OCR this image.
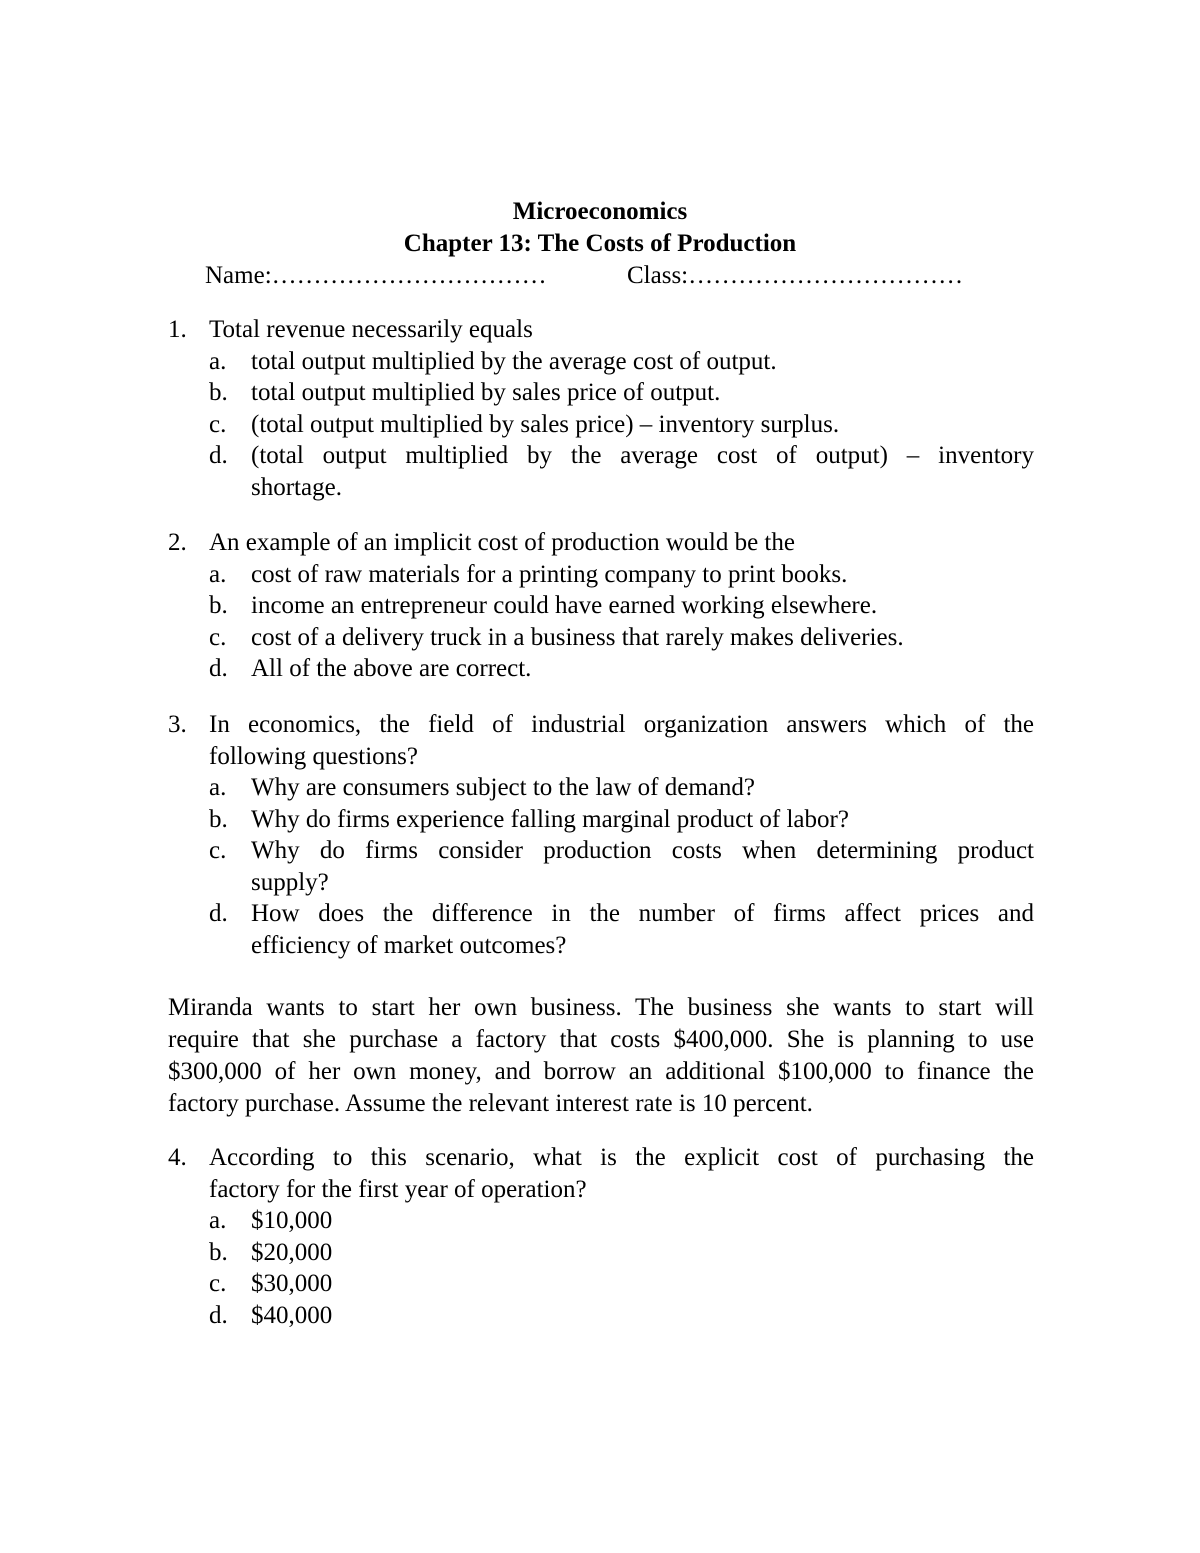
Microeconomics
Chapter 13: The Costs of Production
Name:……………………………	Class:……………………………
1. Total revenue necessarily equals
a. total output multiplied by the average cost of output.
b. total output multiplied by sales price of output.
c. (total output multiplied by sales price) – inventory surplus.
d. (total output multiplied by the average cost of output) – inventory
shortage.
2. An example of an implicit cost of production would be the
a. cost of raw materials for a printing company to print books.
b. income an entrepreneur could have earned working elsewhere.
c. cost of a delivery truck in a business that rarely makes deliveries.
d. All of the above are correct.
3. In economics, the field of industrial organization answers which of the
following questions?
a. Why are consumers subject to the law of demand?
b. Why do firms experience falling marginal product of labor?
c. Why do firms consider production costs when determining product
supply?
d. How does the difference in the number of firms affect prices and
efficiency of market outcomes?
Miranda wants to start her own business. The business she wants to start will
require that she purchase a factory that costs $400,000. She is planning to use
$300,000 of her own money, and borrow an additional $100,000 to finance the
factory purchase. Assume the relevant interest rate is 10 percent.
4. According to this scenario, what is the explicit cost of purchasing the
factory for the first year of operation?
a. $10,000
b. $20,000
c. $30,000
d. $40,000
